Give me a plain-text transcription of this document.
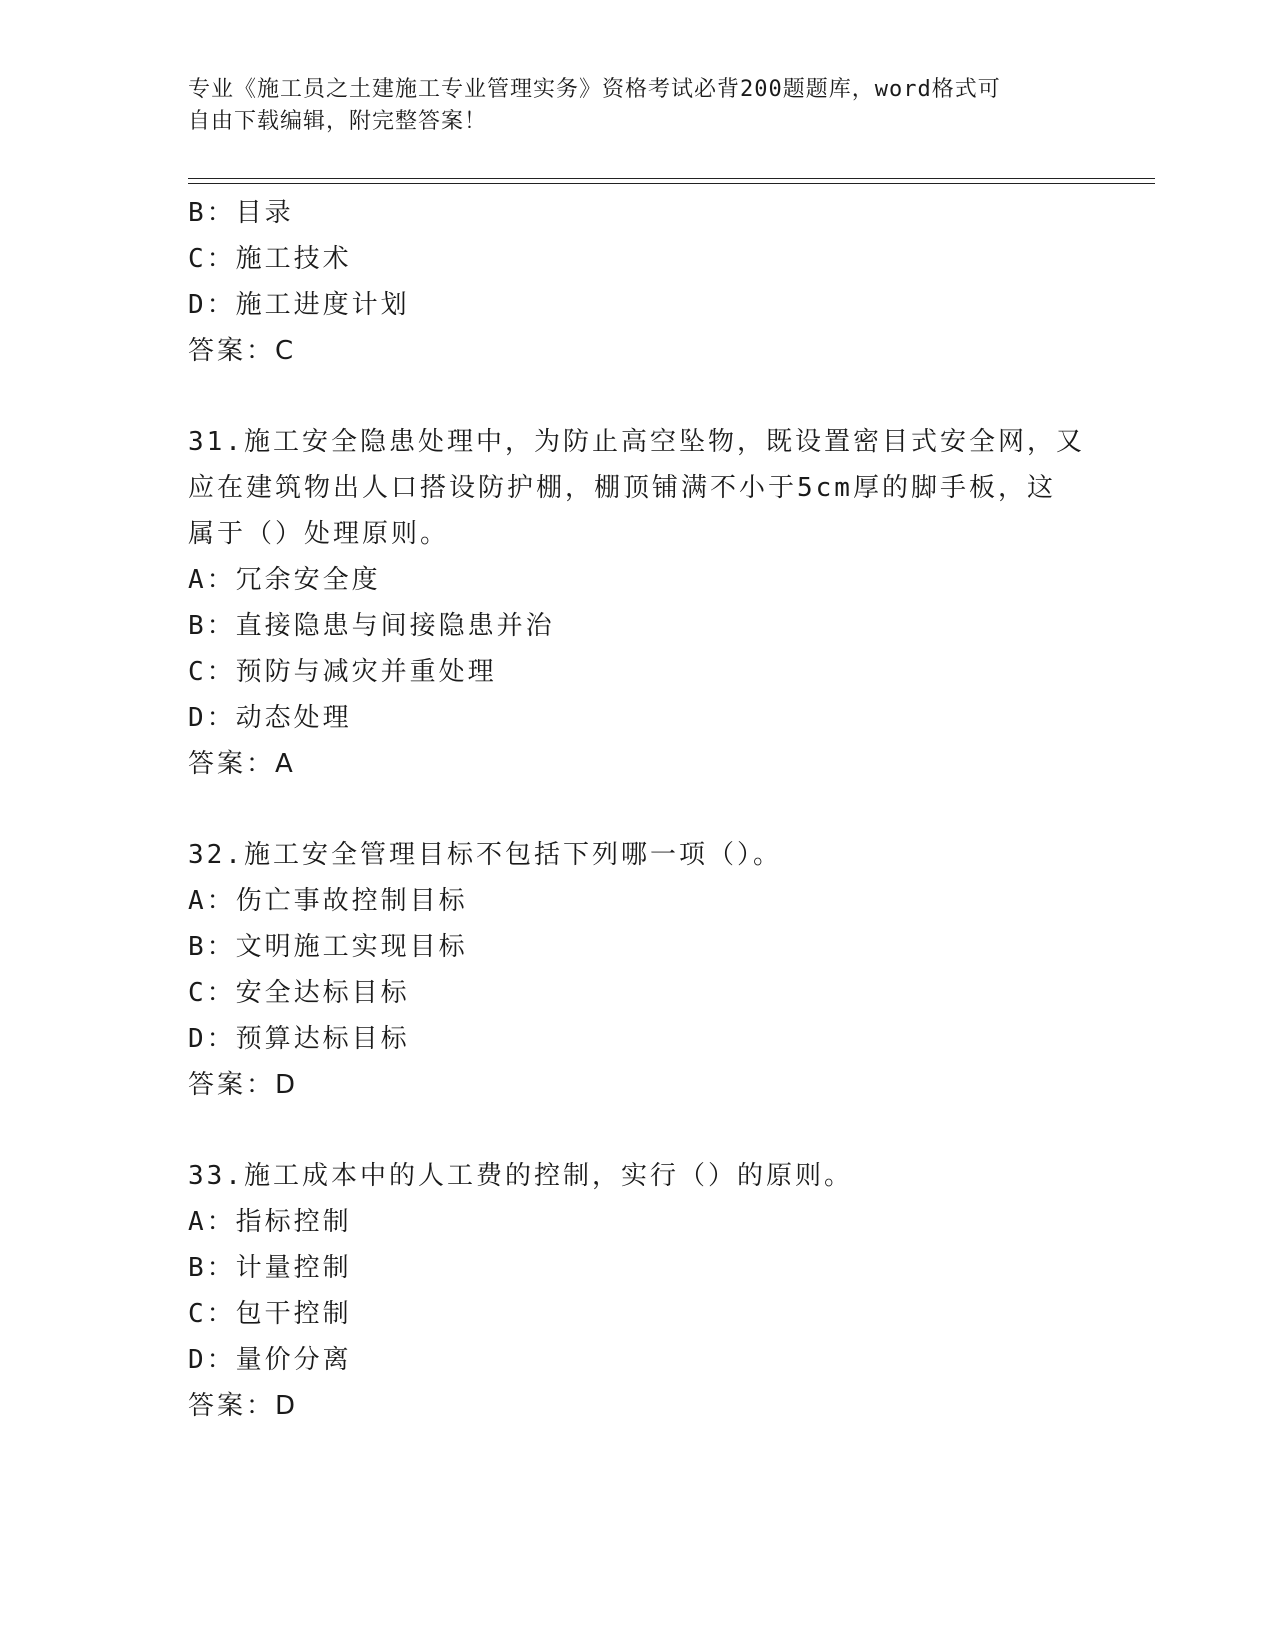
专业《施工员之土建施工专业管理实务》资格考试必背200题题库，word格式可
自由下载编辑，附完整答案！
B：目录
C：施工技术
D：施工进度计划
答案：C
31.施工安全隐患处理中，为防止高空坠物，既设置密目式安全网，又
应在建筑物出人口搭设防护棚，棚顶铺满不小于5cm厚的脚手板，这
属于（）处理原则。
A：冗余安全度
B：直接隐患与间接隐患并治
C：预防与减灾并重处理
D：动态处理
答案：A
32.施工安全管理目标不包括下列哪一项（）。
A：伤亡事故控制目标
B：文明施工实现目标
C：安全达标目标
D：预算达标目标
答案：D
33.施工成本中的人工费的控制，实行（）的原则。
A：指标控制
B：计量控制
C：包干控制
D：量价分离
答案：D
